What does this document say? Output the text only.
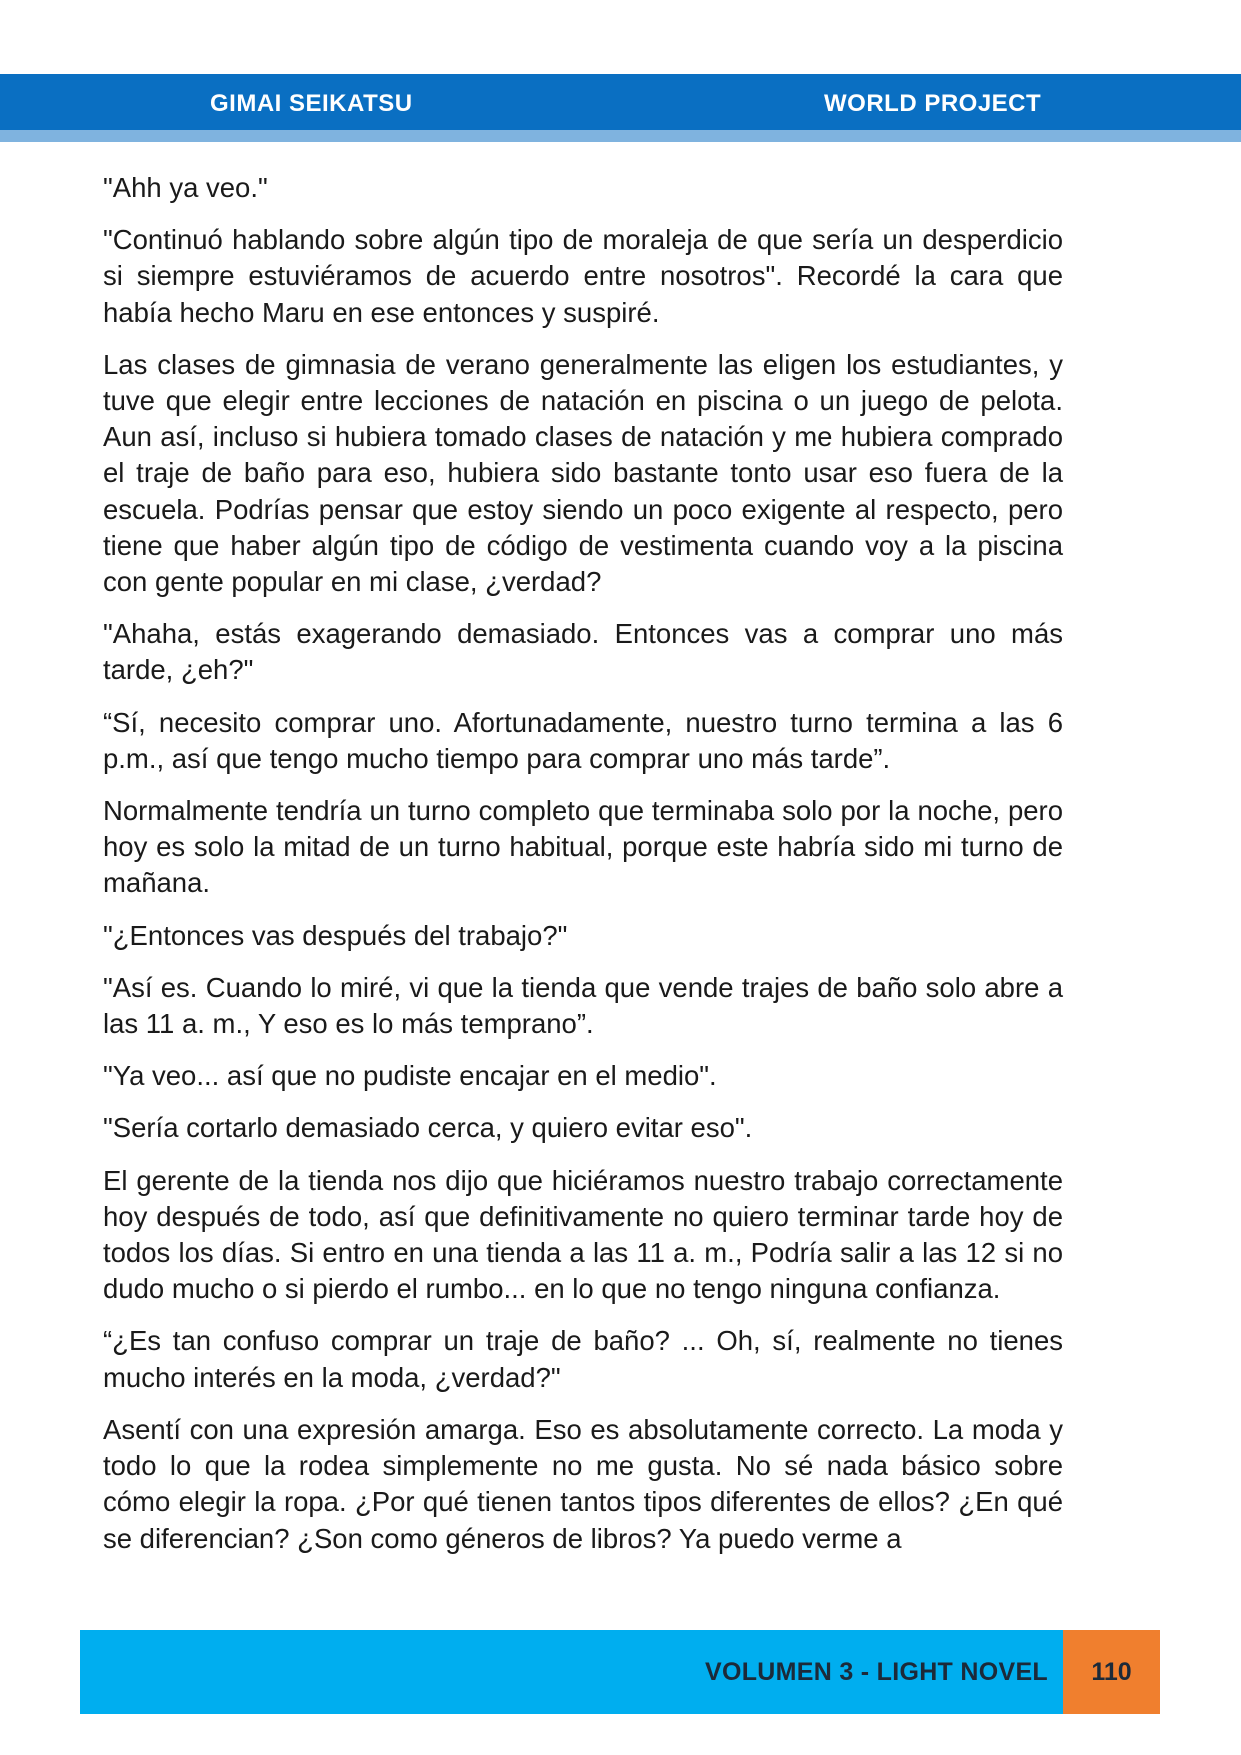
GIMAI SEIKATSU	WORLD PROJECT

"Ahh ya veo."

"Continuó hablando sobre algún tipo de moraleja de que sería un desperdicio si siempre estuviéramos de acuerdo entre nosotros". Recordé la cara que había hecho Maru en ese entonces y suspiré.

Las clases de gimnasia de verano generalmente las eligen los estudiantes, y tuve que elegir entre lecciones de natación en piscina o un juego de pelota. Aun así, incluso si hubiera tomado clases de natación y me hubiera comprado el traje de baño para eso, hubiera sido bastante tonto usar eso fuera de la escuela. Podrías pensar que estoy siendo un poco exigente al respecto, pero tiene que haber algún tipo de código de vestimenta cuando voy a la piscina con gente popular en mi clase, ¿verdad?

"Ahaha, estás exagerando demasiado. Entonces vas a comprar uno más tarde, ¿eh?"

“Sí, necesito comprar uno. Afortunadamente, nuestro turno termina a las 6 p.m., así que tengo mucho tiempo para comprar uno más tarde”.

Normalmente tendría un turno completo que terminaba solo por la noche, pero hoy es solo la mitad de un turno habitual, porque este habría sido mi turno de mañana.

"¿Entonces vas después del trabajo?"

"Así es. Cuando lo miré, vi que la tienda que vende trajes de baño solo abre a las 11 a. m., Y eso es lo más temprano”.

"Ya veo... así que no pudiste encajar en el medio".

"Sería cortarlo demasiado cerca, y quiero evitar eso".

El gerente de la tienda nos dijo que hiciéramos nuestro trabajo correctamente hoy después de todo, así que definitivamente no quiero terminar tarde hoy de todos los días. Si entro en una tienda a las 11 a. m., Podría salir a las 12 si no dudo mucho o si pierdo el rumbo... en lo que no tengo ninguna confianza.

“¿Es tan confuso comprar un traje de baño? ... Oh, sí, realmente no tienes mucho interés en la moda, ¿verdad?"

Asentí con una expresión amarga. Eso es absolutamente correcto. La moda y todo lo que la rodea simplemente no me gusta. No sé nada básico sobre cómo elegir la ropa. ¿Por qué tienen tantos tipos diferentes de ellos? ¿En qué se diferencian? ¿Son como géneros de libros? Ya puedo verme a

VOLUMEN 3 - LIGHT NOVEL	110
